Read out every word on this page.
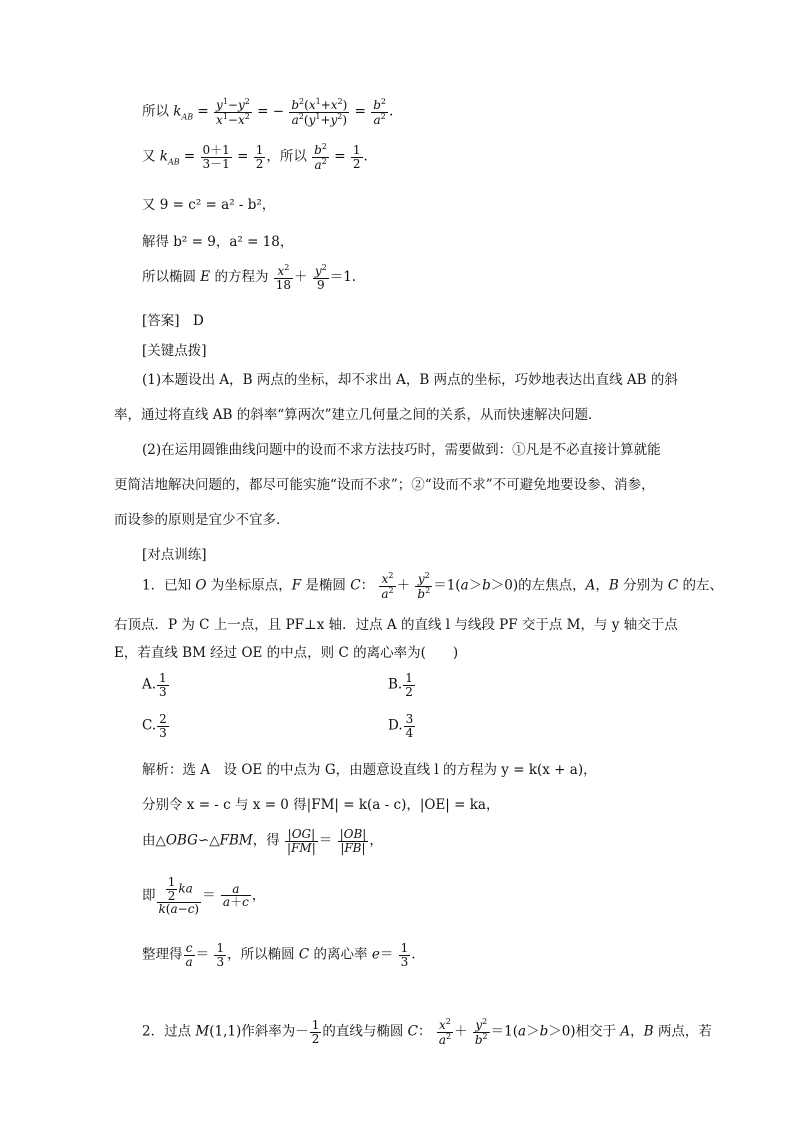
所以 $k_{AB} = \frac{y^1-y^2}{x^1-x^2}$ = − $\frac{b^2(x^1+x^2)}{a^2(y^1+y^2)} = \frac{b^2}{a^2}$ .
又 $k_{AB} = \frac{0+1}{3-1} = \frac{1}{2}$ ，所以 $\frac{b^2}{a^2} = \frac{1}{2}$ .
又 9 = c² = a² - b²，
解得 b² = 9，a² = 18，
所以椭圆 E 的方程为 $\frac{x^2}{18} + \frac{y^2}{9} =1$.
[答案]　D
[关键点拨]
(1)本题设出 A，B 两点的坐标，却不求出 A，B 两点的坐标，巧妙地表达出直线 AB 的斜
率，通过将直线 AB 的斜率“算两次”建立几何量之间的关系，从而快速解决问题．
(2)在运用圆锥曲线问题中的设而不求方法技巧时，需要做到：①凡是不必直接计算就能
更简洁地解决问题的，都尽可能实施“设而不求”；②“设而不求”不可避免地要设参、消参，
而设参的原则是宜少不宜多．
[对点训练]
1．已知 O 为坐标原点，F 是椭圆 C： $\frac{x^2}{a^2} + \frac{y^2}{b^2} =1(a>b>0)$的左焦点，A，B 分别为 C 的左、
右顶点．P 为 C 上一点，且 PF⊥x 轴．过点 A 的直线 l 与线段 PF 交于点 M，与 y 轴交于点
E，若直线 BM 经过 OE 的中点，则 C 的离心率为(　　)
A. $\frac{1}{3}$	B. $\frac{1}{2}$
C. $\frac{2}{3}$	D. $\frac{3}{4}$
解析：选 A　设 OE 的中点为 G，由题意设直线 l 的方程为 y = k(x + a)，
分别令 x = - c 与 x = 0 得|FM| = k(a - c)，|OE| = ka，
由△OBG∽△FBM，得 $\frac{|OG|}{|FM|} = \frac{|OB|}{|FB|}$ ，
即 $\frac{\frac{1}{2} ka}{k(a-c)} = \frac{a}{a+c}$ ，
整理得 $\frac{c}{a} = \frac{1}{3}$ ，所以椭圆 C 的离心率 $e= \frac{1}{3}$ .
2．过点 M(1,1)作斜率为－ $\frac{1}{2}$ 的直线与椭圆 C： $\frac{x^2}{a^2} + \frac{y^2}{b^2} =1(a>b>0)$相交于 A，B 两点，若
